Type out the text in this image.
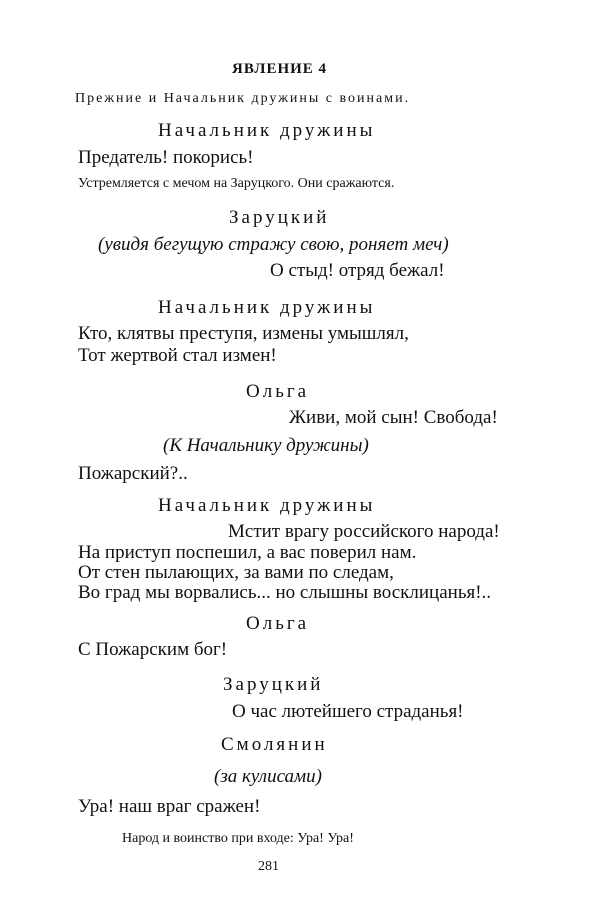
ЯВЛЕНИЕ 4
Прежние и Начальник дружины с воинами.
Начальник дружины
Предатель! покорись!
Устремляется с мечом на Заруцкого. Они сражаются.
Заруцкий
(увидя бегущую стражу свою, роняет меч)
О стыд! отряд бежал!
Начальник дружины
Кто, клятвы преступя, измены умышлял,
Тот жертвой стал измен!
Ольга
Живи, мой сын! Свобода!
(К Начальнику дружины)
Пожарский?..
Начальник дружины
Мстит врагу российского народа!
На приступ поспешил, а вас поверил нам.
От стен пылающих, за вами по следам,
Во град мы ворвались... но слышны восклицанья!..
Ольга
С Пожарским бог!
Заруцкий
О час лютейшего страданья!
Смолянин
(за кулисами)
Ура! наш враг сражен!
Народ и воинство при входе: Ура! Ура!
281
